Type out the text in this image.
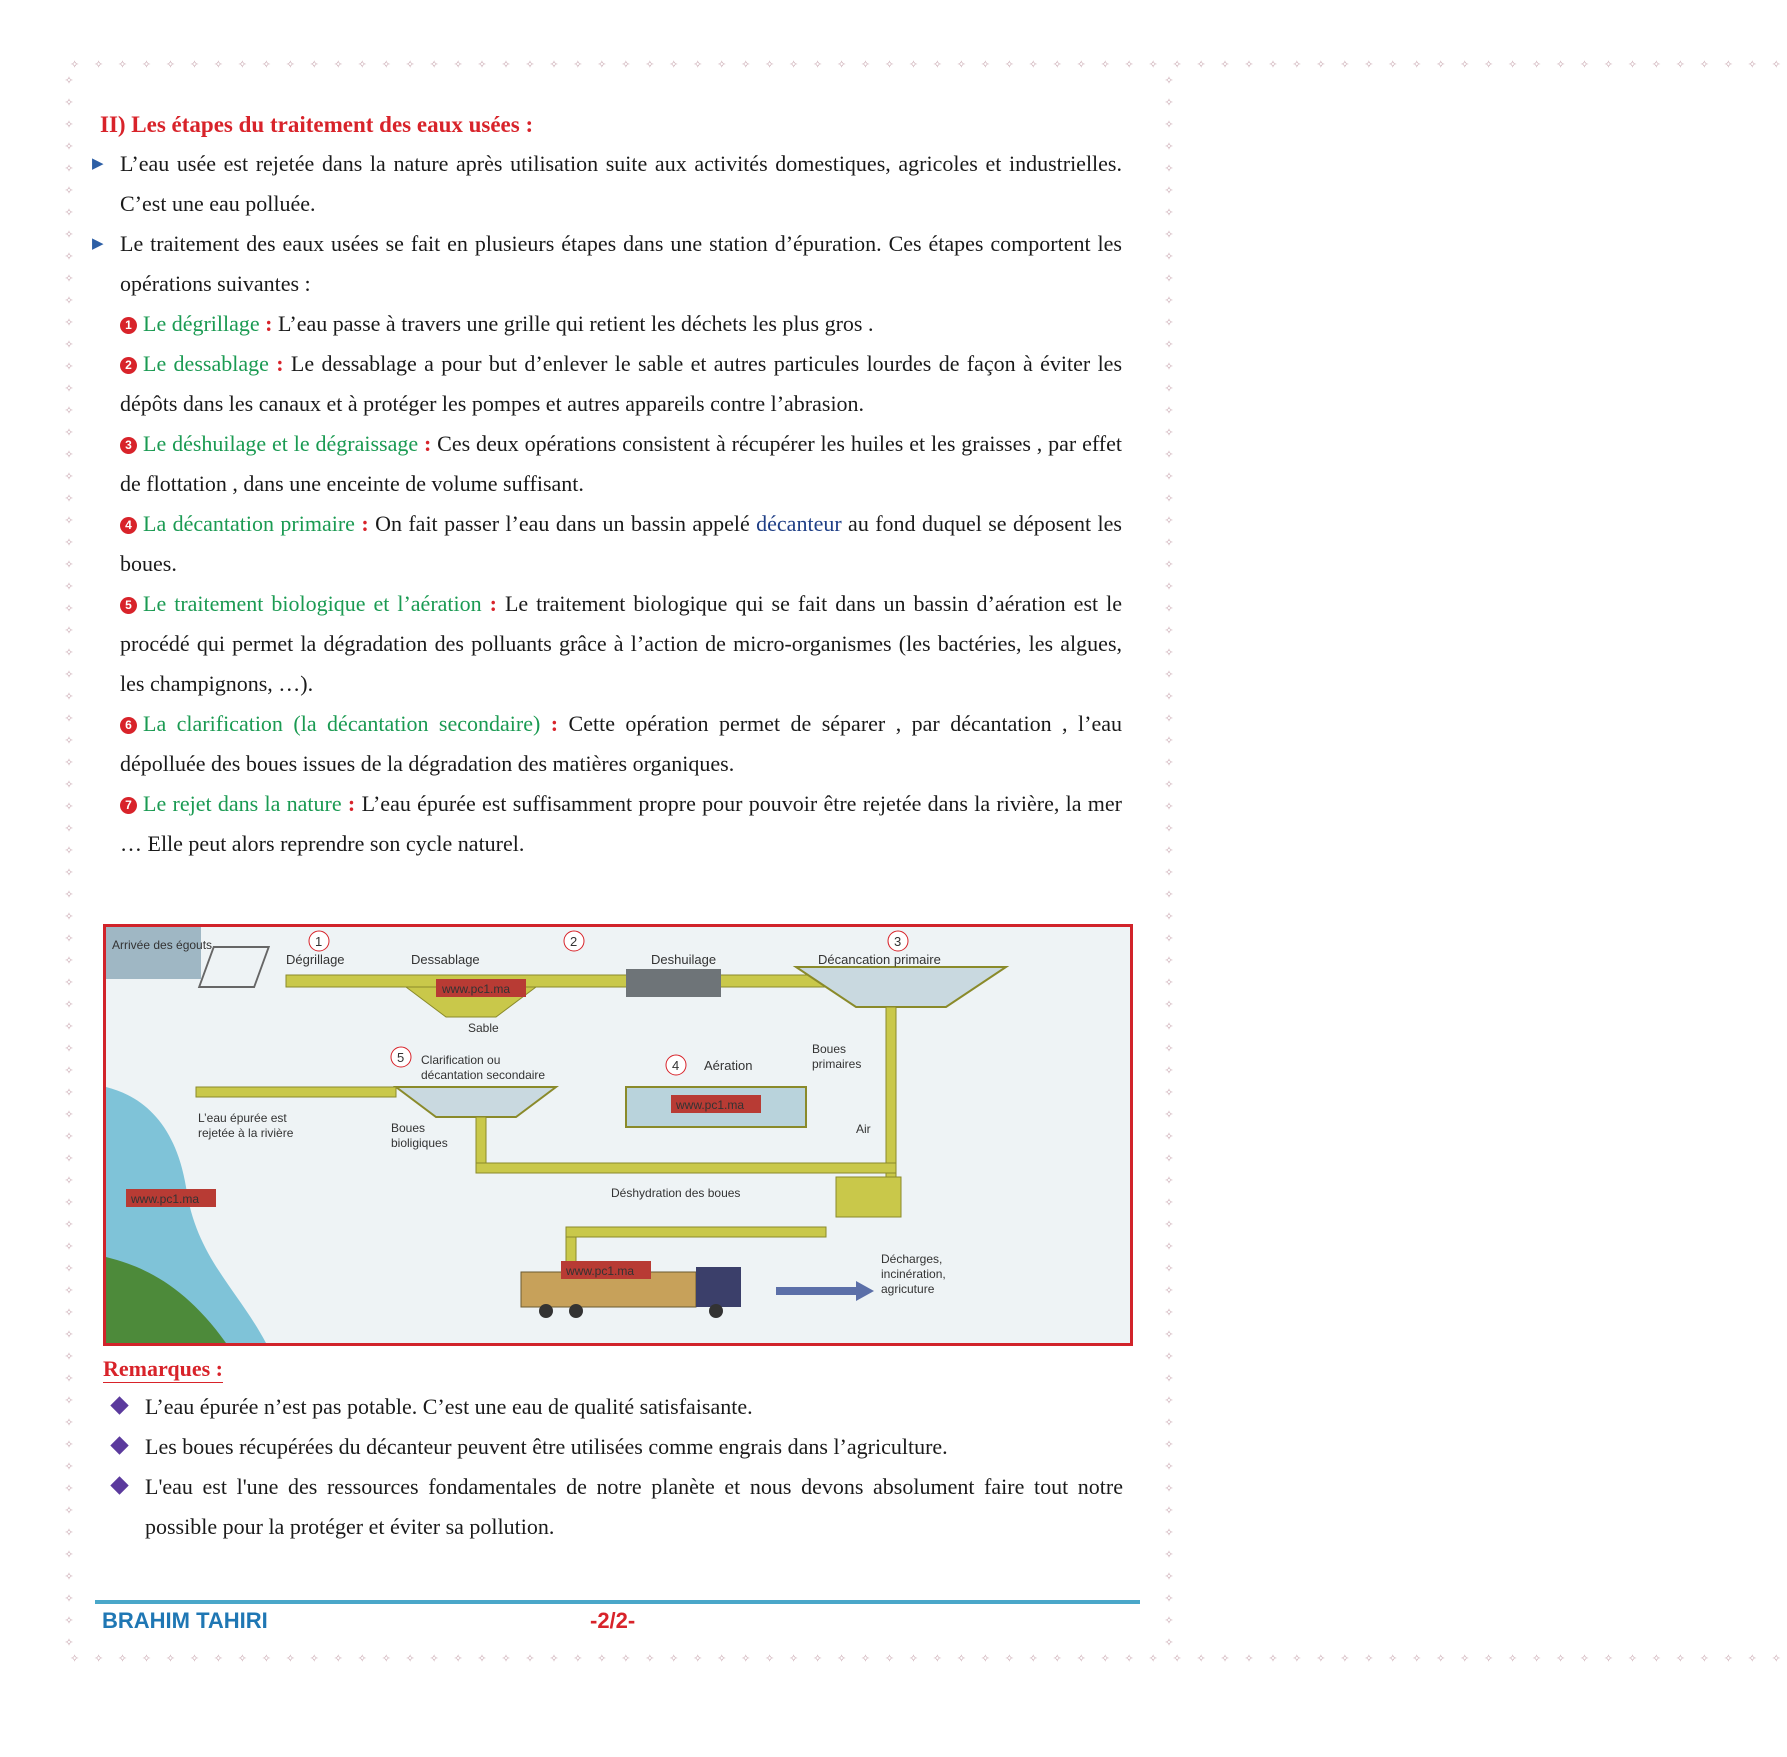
✧ ✧ ✧ ✧ ✧ ✧ ✧ ✧ ✧ ✧ ✧ ✧ ✧ ✧ ✧ ✧ ✧ ✧ ✧ ✧ ✧ ✧ ✧ ✧ ✧ ✧ ✧ ✧ ✧ ✧ ✧ ✧ ✧ ✧ ✧ ✧ ✧ ✧ ✧ ✧ ✧ ✧ ✧ ✧ ✧ ✧ ✧ ✧ ✧ ✧ ✧ ✧ ✧ ✧ ✧ ✧ ✧ ✧ ✧ ✧ ✧ ✧ ✧ ✧ ✧ ✧ ✧ ✧ ✧ ✧ ✧ ✧
✧ ✧ ✧ ✧ ✧ ✧ ✧ ✧ ✧ ✧ ✧ ✧ ✧ ✧ ✧ ✧ ✧ ✧ ✧ ✧ ✧ ✧ ✧ ✧ ✧ ✧ ✧ ✧ ✧ ✧ ✧ ✧ ✧ ✧ ✧ ✧ ✧ ✧ ✧ ✧ ✧ ✧ ✧ ✧ ✧ ✧ ✧ ✧ ✧ ✧ ✧ ✧ ✧ ✧ ✧ ✧ ✧ ✧ ✧ ✧ ✧ ✧ ✧ ✧ ✧ ✧ ✧ ✧ ✧ ✧ ✧ ✧
✧
✧
✧
✧
✧
✧
✧
✧
✧
✧
✧
✧
✧
✧
✧
✧
✧
✧
✧
✧
✧
✧
✧
✧
✧
✧
✧
✧
✧
✧
✧
✧
✧
✧
✧
✧
✧
✧
✧
✧
✧
✧
✧
✧
✧
✧
✧
✧
✧
✧
✧
✧
✧
✧
✧
✧
✧
✧
✧
✧
✧
✧
✧
✧
✧
✧
✧
✧
✧
✧
✧
✧
✧
✧
✧
✧
✧
✧
✧
✧
✧
✧
✧
✧
✧
✧
✧
✧
✧
✧
✧
✧
✧
✧
✧
✧
✧
✧
✧
✧
✧
✧
✧
✧
✧
✧
✧
✧
✧
✧
✧
✧
✧
✧
✧
✧
✧
✧
✧
✧
✧
✧
✧
✧
✧
✧
✧
✧
✧
✧
✧
✧
✧
✧
✧
✧
✧
✧
✧
✧
✧
✧
✧
✧
II) Les étapes du traitement des eaux usées :

▶ L’eau usée est rejetée dans la nature après utilisation suite aux activités domestiques, agricoles et industrielles. C’est une eau polluée.

▶ Le traitement des eaux usées se fait en plusieurs étapes dans une station d’épuration. Ces étapes comportent les opérations suivantes :

1 Le dégrillage : L’eau passe à travers une grille qui retient les déchets les plus gros .

2 Le dessablage : Le dessablage a pour but d’enlever le sable et autres particules lourdes de façon à éviter les dépôts dans les canaux et à protéger les pompes et autres appareils contre l’abrasion.

3 Le déshuilage et le dégraissage : Ces deux opérations consistent à récupérer les huiles et les graisses , par effet de flottation , dans une enceinte de volume suffisant.

4 La décantation primaire : On fait passer l’eau dans un bassin appelé décanteur au fond duquel se déposent les boues.

5 Le traitement biologique et l’aération : Le traitement biologique qui se fait dans un bassin d’aération est le procédé qui permet la dégradation des polluants grâce à l’action de micro-organismes (les bactéries, les algues, les champignons, …).

6 La clarification (la décantation secondaire) : Cette opération permet de séparer , par décantation , l’eau dépolluée des boues issues de la dégradation des matières organiques.

7 Le rejet dans la nature : L’eau épurée est suffisamment propre pour pouvoir être rejetée dans la rivière, la mer … Elle peut alors reprendre son cycle naturel.

Arrivée des égouts
www.pc1.ma
Sable
www.pc1.ma
www.pc1.ma
www.pc1.ma
1	2	3
4
5
Dégrillage	Dessablage	Deshuilage	Décancation primaire
Boues
primaires
Aération
Air
Clarification ou
décantation secondaire
Boues
bioligiques
L’eau épurée est
rejetée à la rivière
Déshydration des boues
Décharges,
incinération,
agricuture
Remarques :
L’eau épurée n’est pas potable. C’est une eau de qualité satisfaisante.
Les boues récupérées du décanteur peuvent être utilisées comme engrais dans l’agriculture.
L'eau est l'une des ressources fondamentales de notre planète et nous devons absolument faire tout notre possible pour la protéger et éviter sa pollution.
BRAHIM TAHIRI	-2/2-
